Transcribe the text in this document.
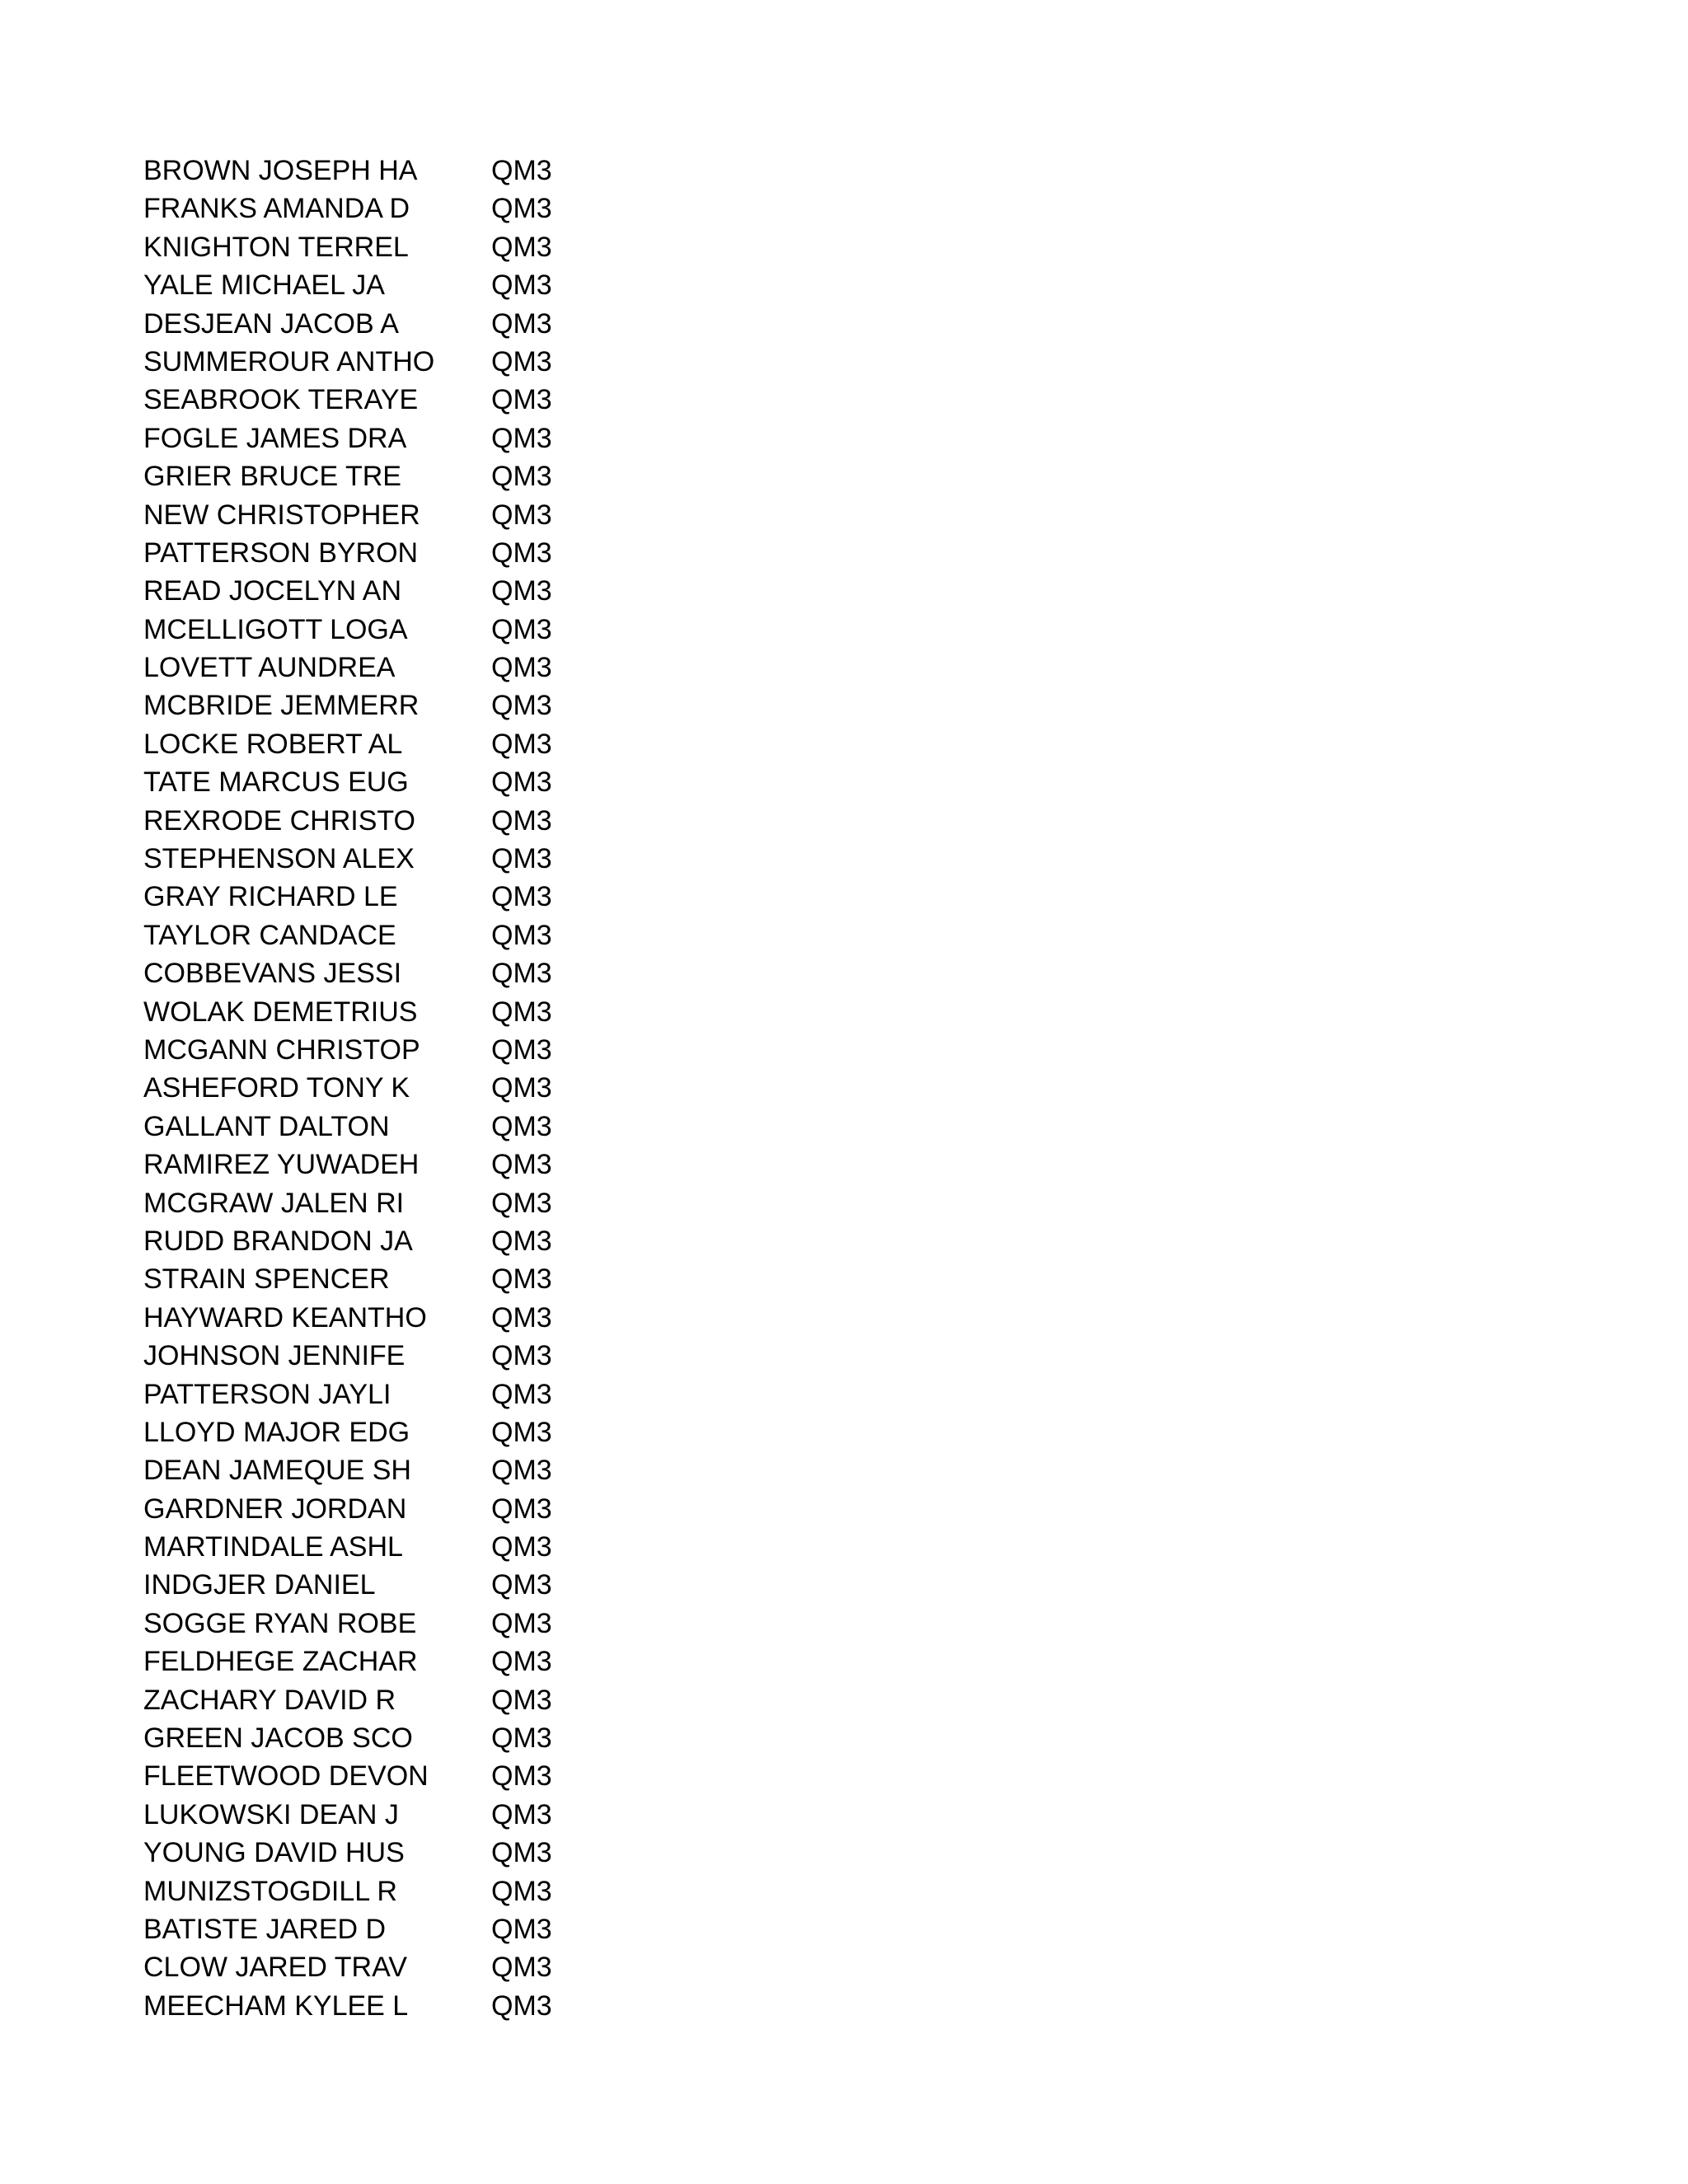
BROWN JOSEPH HA	QM3
FRANKS AMANDA D	QM3
KNIGHTON TERREL	QM3
YALE MICHAEL JA	QM3
DESJEAN JACOB A	QM3
SUMMEROUR ANTHO QM3
SEABROOK TERAYE	QM3
FOGLE JAMES DRA	QM3
GRIER BRUCE TRE	QM3
NEW CHRISTOPHER	QM3
PATTERSON BYRON	QM3
READ JOCELYN AN	QM3
MCELLIGOTT LOGA	QM3
LOVETT AUNDREA	QM3
MCBRIDE JEMMERR	QM3
LOCKE ROBERT AL	QM3
TATE MARCUS EUG	QM3
REXRODE CHRISTO	QM3
STEPHENSON ALEX	QM3
GRAY RICHARD LE	QM3
TAYLOR CANDACE	QM3
COBBEVANS JESSI	QM3
WOLAK DEMETRIUS	QM3
MCGANN CHRISTOP	QM3
ASHEFORD TONY K	QM3
GALLANT DALTON	QM3
RAMIREZ YUWADEH	QM3
MCGRAW JALEN RI	QM3
RUDD BRANDON JA	QM3
STRAIN SPENCER	QM3
HAYWARD KEANTHO QM3
JOHNSON JENNIFE	QM3
PATTERSON JAYLI	QM3
LLOYD MAJOR EDG	QM3
DEAN JAMEQUE SH	QM3
GARDNER JORDAN	QM3
MARTINDALE ASHL	QM3
INDGJER DANIEL	QM3
SOGGE RYAN ROBE	QM3
FELDHEGE ZACHAR	QM3
ZACHARY DAVID R	QM3
GREEN JACOB SCO	QM3
FLEETWOOD DEVON QM3
LUKOWSKI DEAN J	QM3
YOUNG DAVID HUS	QM3
MUNIZSTOGDILL R	QM3
BATISTE JARED D	QM3
CLOW JARED TRAV	QM3
MEECHAM KYLEE L	QM3
